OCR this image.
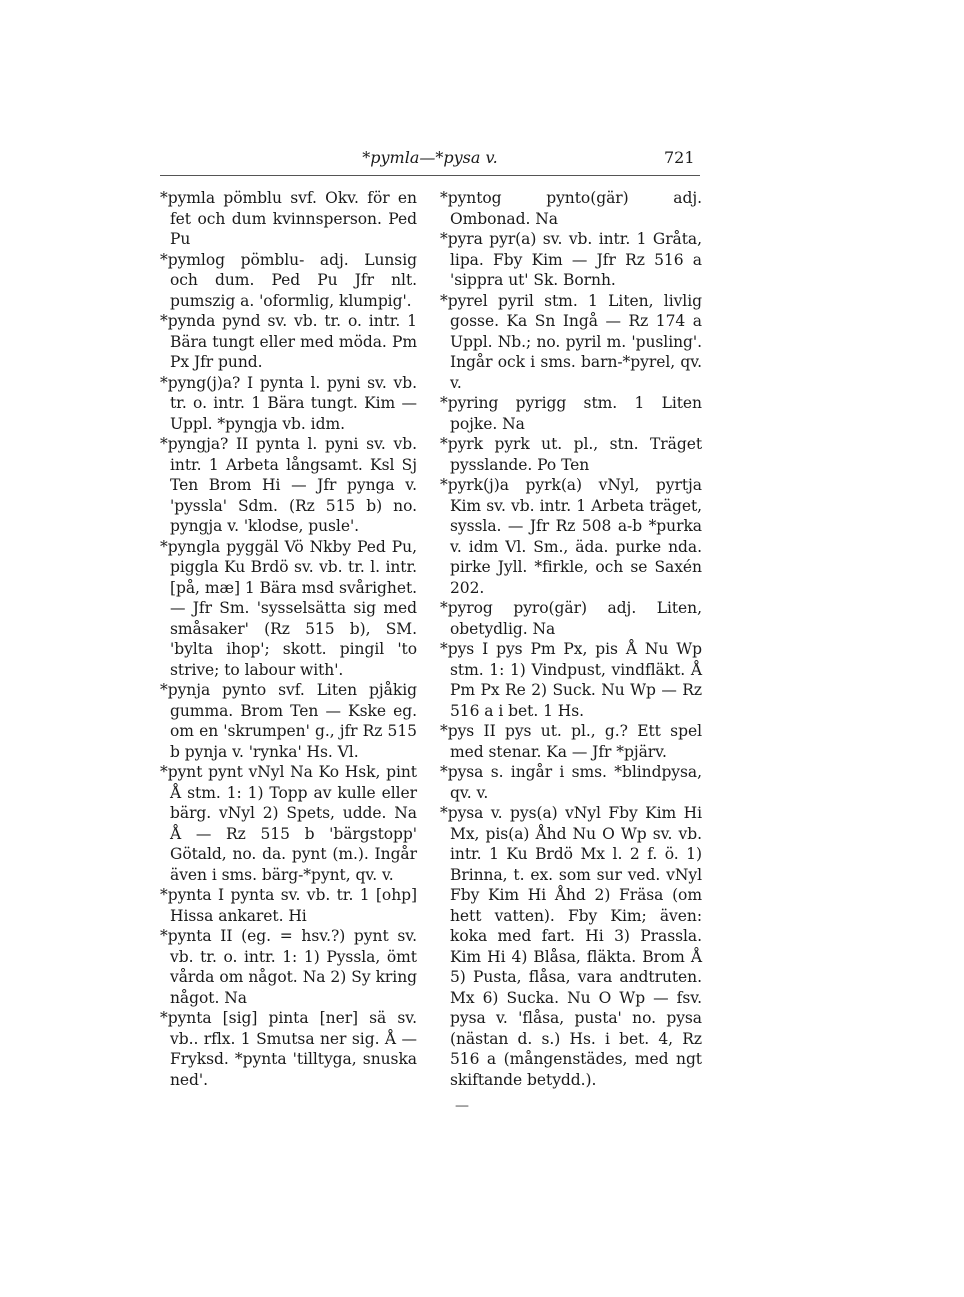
*pymla—*pysa v.	721

*pymla pömblu svf. Okv. för en fet och dum kvinnsperson. Ped Pu

*pymlog pömblu- adj. Lunsig och dum. Ped Pu Jfr nlt. pumszig a. 'oformlig, klumpig'.

*pynda pynd sv. vb. tr. o. intr. 1 Bära tungt eller med möda. Pm Px Jfr pund.

*pyng(j)a? I pynta l. pyni sv. vb. tr. o. intr. 1 Bära tungt. Kim — Uppl. *pyngja vb. idm.

*pyngja? II pynta l. pyni sv. vb. intr. 1 Arbeta långsamt. Ksl Sj Ten Brom Hi — Jfr pynga v. 'pyssla' Sdm. (Rz 515 b) no. pyngja v. 'klodse, pusle'.

*pyngla pyggäl Vö Nkby Ped Pu, piggla Ku Brdö sv. vb. tr. l. intr. [på, mæ] 1 Bära msd svårighet. — Jfr Sm. 'sysselsätta sig med småsaker' (Rz 515 b), SM. 'bylta ihop'; skott. pingil 'to strive; to labour with'.

*pynja pynto svf. Liten pjåkig gumma. Brom Ten — Kske eg. om en 'skrumpen' g., jfr Rz 515 b pynja v. 'rynka' Hs. Vl.

*pynt pynt vNyl Na Ko Hsk, pint Å stm. 1: 1) Topp av kulle eller bärg. vNyl 2) Spets, udde. Na Å — Rz 515 b 'bärgstopp' Götald, no. da. pynt (m.). Ingår även i sms. bärg-*pynt, qv. v.

*pynta I pynta sv. vb. tr. 1 [ohp] Hissa ankaret. Hi

*pynta II (eg. = hsv.?) pynt sv. vb. tr. o. intr. 1: 1) Pyssla, ömt vårda om något. Na 2) Sy kring något. Na

*pynta [sig] pinta [ner] sä sv. vb.. rflx. 1 Smutsa ner sig. Å — Fryksd. *pynta 'tilltyga, snuska ned'.

*pyntog pynto(gär) adj. Ombonad. Na

*pyra pyr(a) sv. vb. intr. 1 Gråta, lipa. Fby Kim — Jfr Rz 516 a 'sippra ut' Sk. Bornh.

*pyrel pyril stm. 1 Liten, livlig gosse. Ka Sn Ingå — Rz 174 a Uppl. Nb.; no. pyril m. 'pusling'. Ingår ock i sms. barn-*pyrel, qv. v.

*pyring pyrigg stm. 1 Liten pojke. Na

*pyrk pyrk ut. pl., stn. Träget pysslande. Po Ten

*pyrk(j)a pyrk(a) vNyl, pyrtja Kim sv. vb. intr. 1 Arbeta träget, syssla. — Jfr Rz 508 a-b *purka v. idm Vl. Sm., äda. purke nda. pirke Jyll. *firkle, och se Saxén 202.

*pyrog pyro(gär) adj. Liten, obetydlig. Na

*pys I pys Pm Px, pis Å Nu Wp stm. 1: 1) Vindpust, vindfläkt. Å Pm Px Re 2) Suck. Nu Wp — Rz 516 a i bet. 1 Hs.

*pys II pys ut. pl., g.? Ett spel med stenar. Ka — Jfr *pjärv.

*pysa s. ingår i sms. *blindpysa, qv. v.

*pysa v. pys(a) vNyl Fby Kim Hi Mx, pis(a) Åhd Nu O Wp sv. vb. intr. 1 Ku Brdö Mx l. 2 f. ö. 1) Brinna, t. ex. som sur ved. vNyl Fby Kim Hi Åhd 2) Fräsa (om hett vatten). Fby Kim; även: koka med fart. Hi 3) Prassla. Kim Hi 4) Blåsa, fläkta. Brom Å 5) Pusta, flåsa, vara andtruten. Mx 6) Sucka. Nu O Wp — fsv. pysa v. 'flåsa, pusta' no. pysa (nästan d. s.) Hs. i bet. 4, Rz 516 a (mångenstädes, med ngt skiftande betydd.).

—
